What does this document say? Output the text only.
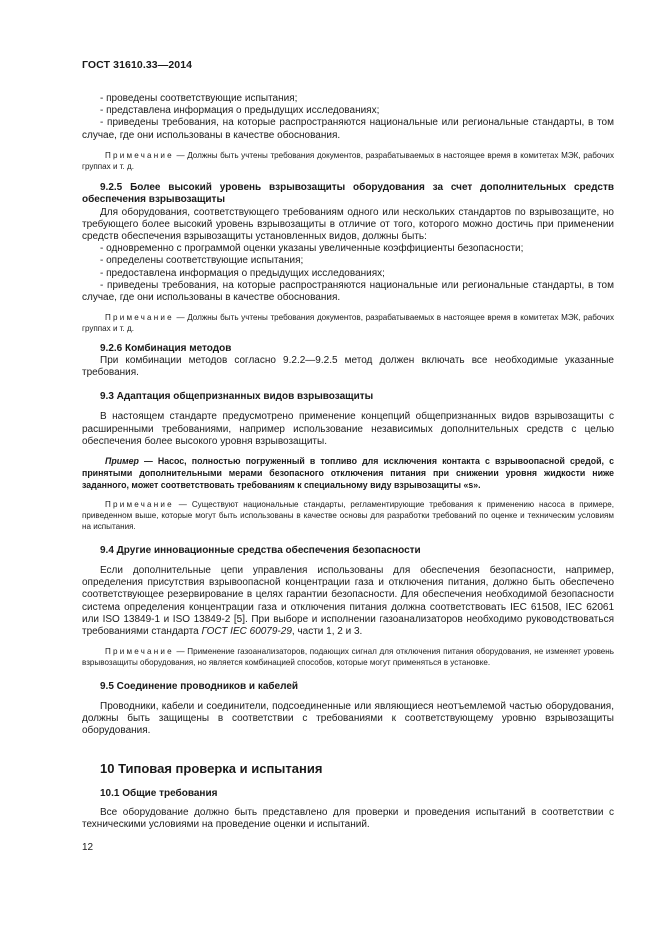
ГОСТ 31610.33—2014

- проведены соответствующие испытания;

- представлена информация о предыдущих исследованиях;

- приведены требования, на которые распространяются национальные или региональные стандарты, в том случае, где они использованы в качестве обоснования.

Примечание — Должны быть учтены требования документов, разрабатываемых в настоящее время в комитетах МЭК, рабочих группах и т. д.

9.2.5 Более высокий уровень взрывозащиты оборудования за счет дополнительных средств обеспечения взрывозащиты

Для оборудования, соответствующего требованиям одного или нескольких стандартов по взрывозащите, но требующего более высокий уровень взрывозащиты в отличие от того, которого можно достичь при применении средств обеспечения взрывозащиты установленных видов, должны быть:

- одновременно с программой оценки указаны увеличенные коэффициенты безопасности;

- определены соответствующие испытания;

- предоставлена информация о предыдущих исследованиях;

- приведены требования, на которые распространяются национальные или региональные стандарты, в том случае, где они использованы в качестве обоснования.

Примечание — Должны быть учтены требования документов, разрабатываемых в настоящее время в комитетах МЭК, рабочих группах и т. д.

9.2.6 Комбинация методов

При комбинации методов согласно 9.2.2—9.2.5 метод должен включать все необходимые указанные требования.

9.3 Адаптация общепризнанных видов взрывозащиты

В настоящем стандарте предусмотрено применение концепций общепризнанных видов взрывозащиты с расширенными требованиями, например использование независимых дополнительных средств с целью обеспечения более высокого уровня взрывозащиты.

Пример — Насос, полностью погруженный в топливо для исключения контакта с взрывоопасной средой, с принятыми дополнительными мерами безопасного отключения питания при снижении уровня жидкости ниже заданного, может соответствовать требованиям к специальному виду взрывозащиты «s».

Примечание — Существуют национальные стандарты, регламентирующие требования к применению насоса в примере, приведенном выше, которые могут быть использованы в качестве основы для разработки требований по оценке и техническим условиям на испытания.

9.4 Другие инновационные средства обеспечения безопасности

Если дополнительные цепи управления использованы для обеспечения безопасности, например, определения присутствия взрывоопасной концентрации газа и отключения питания, должно быть обеспечено соответствующее резервирование в целях гарантии безопасности. Для обеспечения необходимой безопасности система определения концентрации газа и отключения питания должна соответствовать IEC 61508, IEC 62061 или ISO 13849-1 и ISO 13849-2 [5]. При выборе и исполнении газоанализаторов необходимо руководствоваться требованиями стандарта ГОСТ IEC 60079-29, части 1, 2 и 3.

Примечание — Применение газоанализаторов, подающих сигнал для отключения питания оборудования, не изменяет уровень взрывозащиты оборудования, но является комбинацией способов, которые могут применяться в установке.

9.5 Соединение проводников и кабелей

Проводники, кабели и соединители, подсоединенные или являющиеся неотъемлемой частью оборудования, должны быть защищены в соответствии с требованиями к соответствующему уровню взрывозащиты оборудования.

10 Типовая проверка и испытания

10.1 Общие требования

Все оборудование должно быть представлено для проверки и проведения испытаний в соответствии с техническими условиями на проведение оценки и испытаний.

12
